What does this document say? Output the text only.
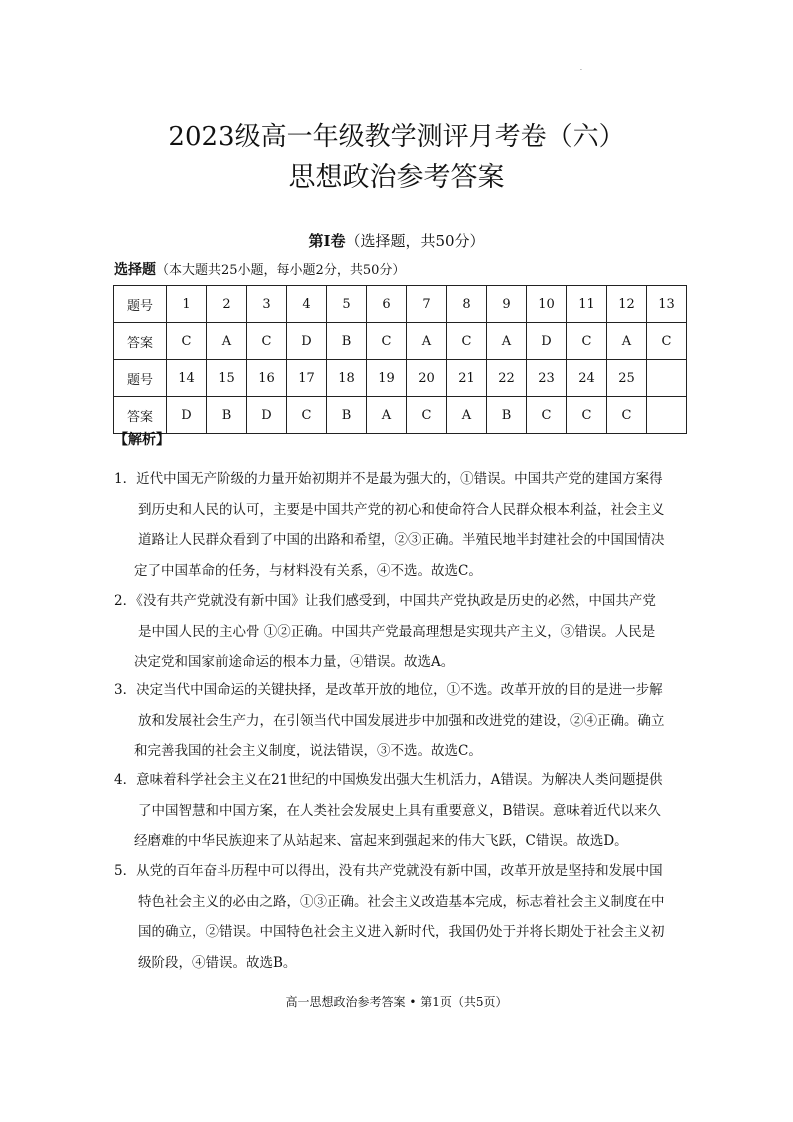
.
2023级高一年级教学测评月考卷（六）
思想政治参考答案
第Ⅰ卷（选择题，共50分）
选择题（本大题共25小题，每小题2分，共50分）
题号	1	2	3	4	5	6	7	8	9	10	11	12	13
答案	C	A	C	D	B	C	A	C	A	D	C	A	C
题号	14	15	16	17	18	19	20	21	22	23	24	25	
答案	D	B	D	C	B	A	C	A	B	C	C	C	
【解析】
1．近代中国无产阶级的力量开始初期并不是最为强大的，①错误。中国共产党的建国方案得
到历史和人民的认可，主要是中国共产党的初心和使命符合人民群众根本利益，社会主义
道路让人民群众看到了中国的出路和希望，②③正确。半殖民地半封建社会的中国国情决
定了中国革命的任务，与材料没有关系，④不选。故选C。
2．《没有共产党就没有新中国》让我们感受到，中国共产党执政是历史的必然，中国共产党
是中国人民的主心骨 ①②正确。中国共产党最高理想是实现共产主义，③错误。人民是
决定党和国家前途命运的根本力量，④错误。故选A。
3．决定当代中国命运的关键抉择，是改革开放的地位，①不选。改革开放的目的是进一步解
放和发展社会生产力，在引领当代中国发展进步中加强和改进党的建设，②④正确。确立
和完善我国的社会主义制度，说法错误，③不选。故选C。
4．意味着科学社会主义在21世纪的中国焕发出强大生机活力，A错误。为解决人类问题提供
了中国智慧和中国方案，在人类社会发展史上具有重要意义，B错误。意味着近代以来久
经磨难的中华民族迎来了从站起来、富起来到强起来的伟大飞跃，C错误。故选D。
5．从党的百年奋斗历程中可以得出，没有共产党就没有新中国，改革开放是坚持和发展中国
特色社会主义的必由之路，①③正确。社会主义改造基本完成，标志着社会主义制度在中
国的确立，②错误。中国特色社会主义进入新时代，我国仍处于并将长期处于社会主义初
级阶段，④错误。故选B。
高一思想政治参考答案 • 第1页（共5页）
